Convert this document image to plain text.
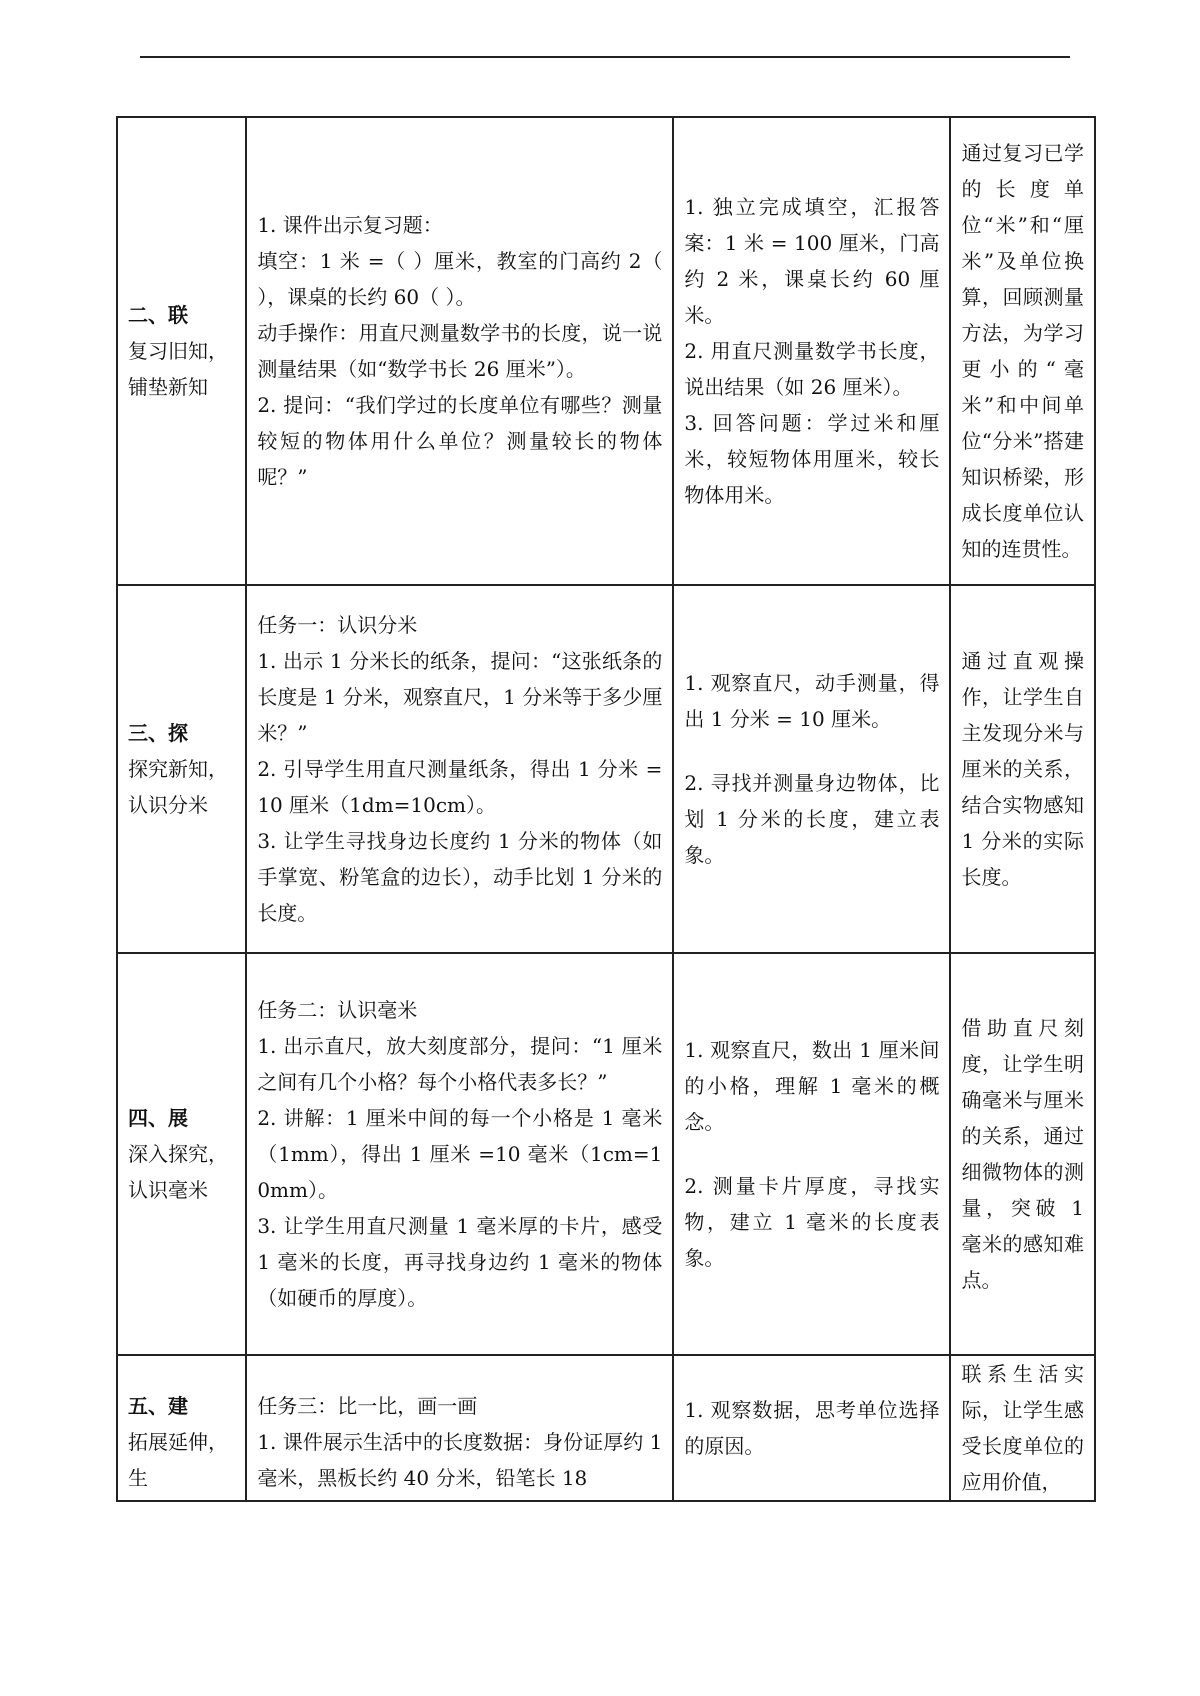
二、联
复习旧知，铺垫新知	1. 课件出示复习题：
填空：1 米 =（ ）厘米，教室的门高约 2（ ），课桌的长约 60（ ）。
动手操作：用直尺测量数学书的长度，说一说测量结果（如“数学书长 26 厘米”）。
2. 提问：“我们学过的长度单位有哪些？测量较短的物体用什么单位？测量较长的物体呢？”	1. 独立完成填空，汇报答案：1 米 = 100 厘米，门高约 2 米，课桌长约 60 厘米。
2. 用直尺测量数学书长度，说出结果（如 26 厘米）。
3. 回答问题：学过米和厘米，较短物体用厘米，较长物体用米。	通过复习已学的长度单位“米”和“厘米”及单位换算，回顾测量方法，为学习更小的“毫米”和中间单位“分米”搭建知识桥梁，形成长度单位认知的连贯性。

三、探
探究新知，认识分米	任务一：认识分米
1. 出示 1 分米长的纸条，提问：“这张纸条的长度是 1 分米，观察直尺，1 分米等于多少厘米？”
2. 引导学生用直尺测量纸条，得出 1 分米 =10 厘米（1dm=10cm）。
3. 让学生寻找身边长度约 1 分米的物体（如手掌宽、粉笔盒的边长），动手比划 1 分米的长度。	1. 观察直尺，动手测量，得出 1 分米 = 10 厘米。
2. 寻找并测量身边物体，比划 1 分米的长度，建立表象。	通过直观操作，让学生自主发现分米与厘米的关系，结合实物感知 1 分米的实际长度。

四、展
深入探究，认识毫米	任务二：认识毫米
1. 出示直尺，放大刻度部分，提问：“1 厘米之间有几个小格？每个小格代表多长？”
2. 讲解：1 厘米中间的每一个小格是 1 毫米（1mm），得出 1 厘米 =10 毫米（1cm=10mm）。
3. 让学生用直尺测量 1 毫米厚的卡片，感受 1 毫米的长度，再寻找身边约 1 毫米的物体（如硬币的厚度）。	1. 观察直尺，数出 1 厘米间的小格，理解 1 毫米的概念。
2. 测量卡片厚度，寻找实物，建立 1 毫米的长度表象。	借助直尺刻度，让学生明确毫米与厘米的关系，通过细微物体的测量，突破 1 毫米的感知难点。

五、建
拓展延伸，生	任务三：比一比，画一画
1. 课件展示生活中的长度数据：身份证厚约 1 毫米，黑板长约 40 分米，铅笔长 18	1. 观察数据，思考单位选择的原因。	联系生活实际，让学生感受长度单位的应用价值，
